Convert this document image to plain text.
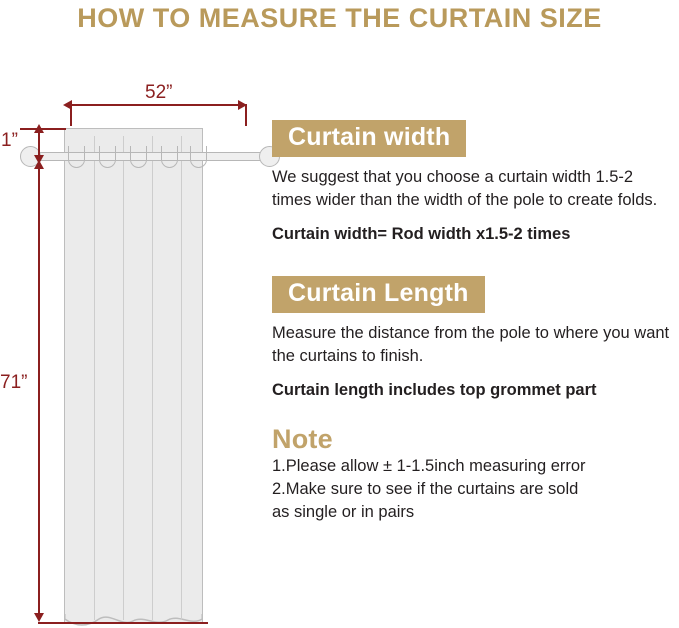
HOW TO MEASURE THE CURTAIN SIZE
52”
1”
71”
Curtain width
We suggest that you choose a curtain width 1.5-2 times wider than the width of the pole to create folds.
Curtain width= Rod width x1.5-2 times
Curtain Length
Measure the distance from the pole to where you want the curtains to finish.
Curtain length includes top grommet part
Note
1.Please allow ± 1-1.5inch measuring error
2.Make sure to see if the curtains are sold
as single or in pairs
